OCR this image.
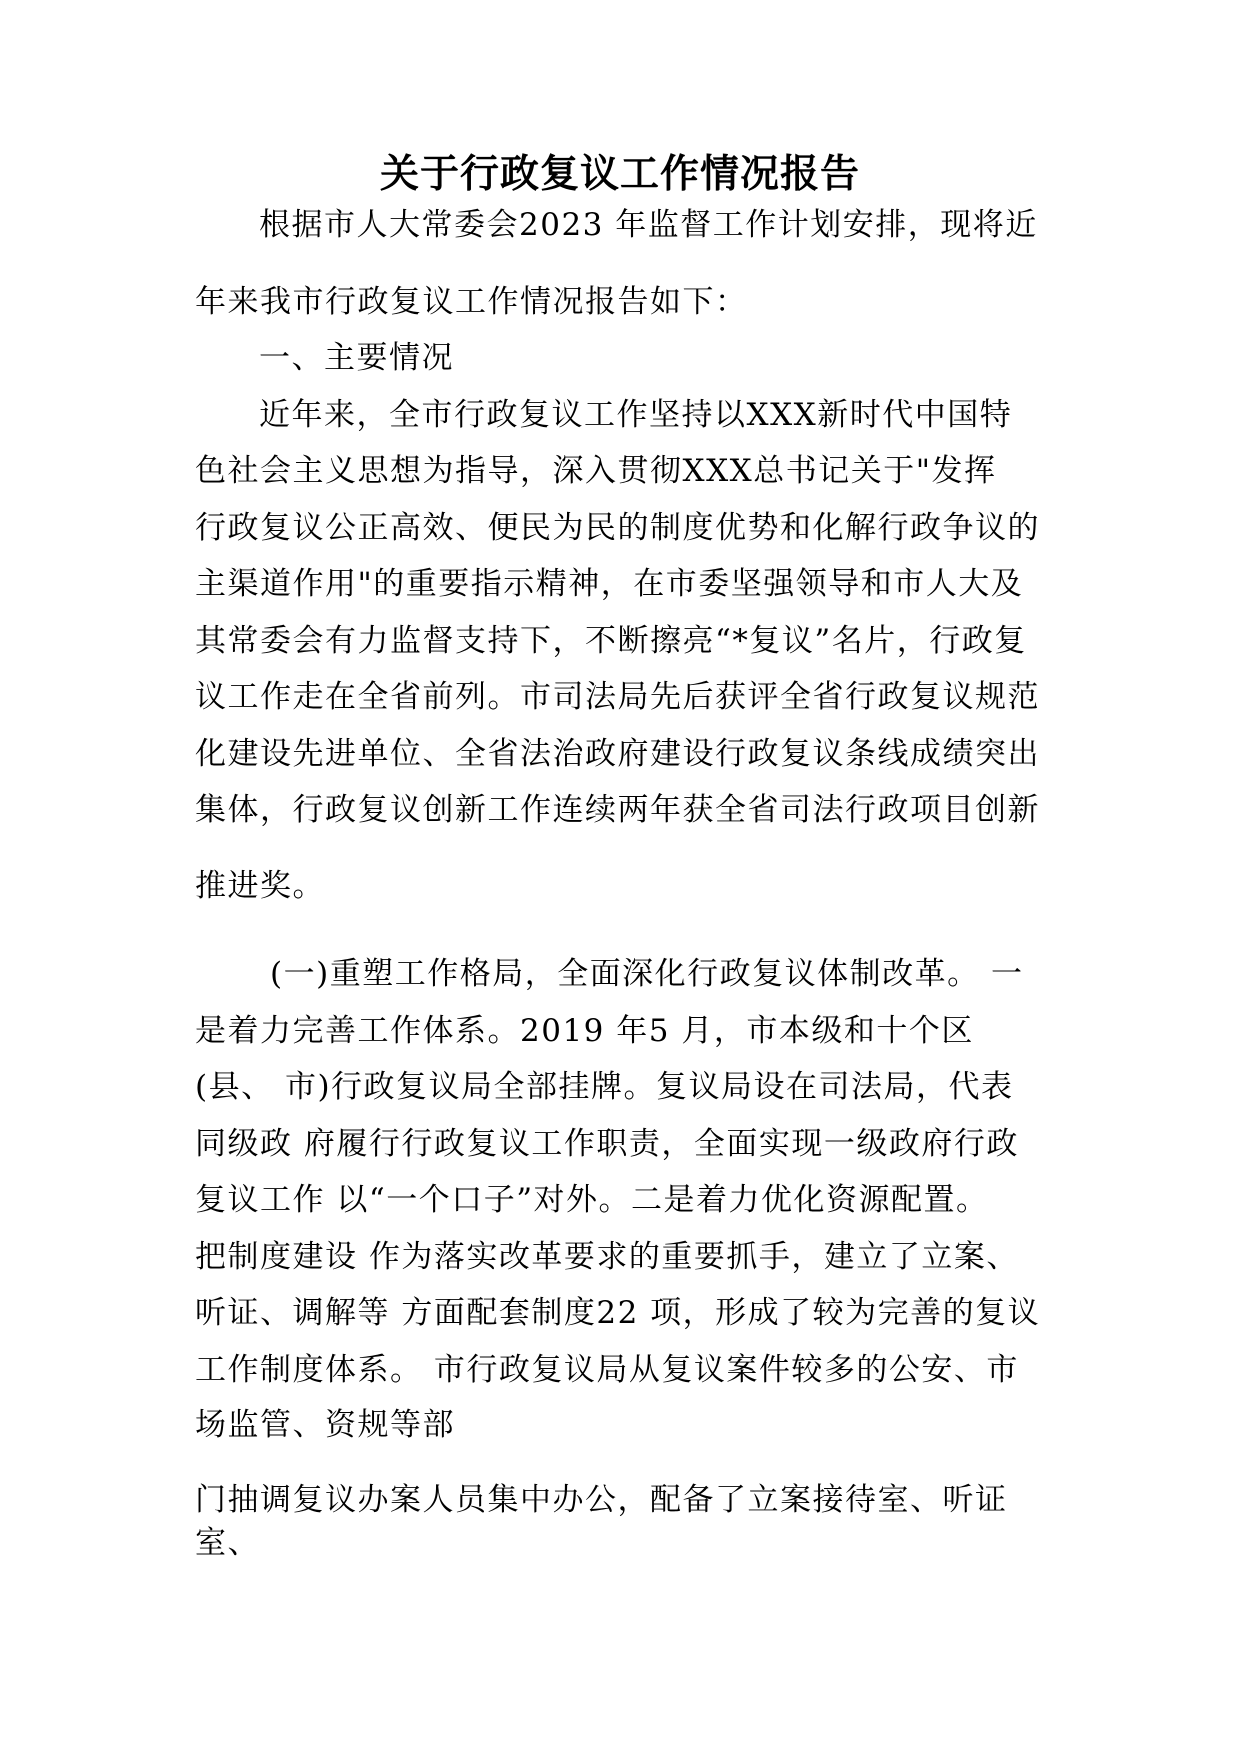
关于行政复议工作情况报告
根据市人大常委会2023 年监督工作计划安排，现将近
年来我市行政复议工作情况报告如下：
一、主要情况
近年来，全市行政复议工作坚持以XXX新时代中国特
色社会主义思想为指导，深入贯彻XXX总书记关于"发挥
行政复议公正高效、便民为民的制度优势和化解行政争议的
主渠道作用"的重要指示精神，在市委坚强领导和市人大及
其常委会有力监督支持下，不断擦亮“*复议”名片，行政复
议工作走在全省前列。市司法局先后获评全省行政复议规范
化建设先进单位、全省法治政府建设行政复议条线成绩突出
集体，行政复议创新工作连续两年获全省司法行政项目创新
推进奖。
(一)重塑工作格局，全面深化行政复议体制改革。 一
是着力完善工作体系。2019 年5 月，市本级和十个区
(县、 市)行政复议局全部挂牌。复议局设在司法局，代表
同级政 府履行行政复议工作职责，全面实现一级政府行政
复议工作 以“一个口子”对外。二是着力优化资源配置。
把制度建设 作为落实改革要求的重要抓手，建立了立案、
听证、调解等 方面配套制度22 项，形成了较为完善的复议
工作制度体系。 市行政复议局从复议案件较多的公安、市
场监管、资规等部
门抽调复议办案人员集中办公，配备了立案接待室、听证
室、
